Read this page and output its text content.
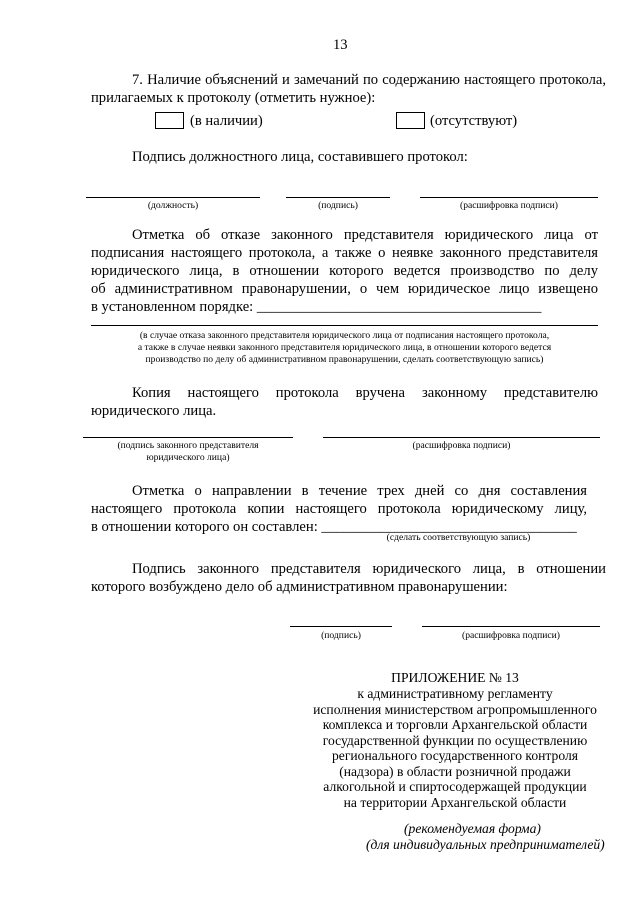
13
7. Наличие объяснений и замечаний по содержанию настоящего протокола,
прилагаемых к протоколу (отметить нужное):
(в наличии)	(отсутствуют)
Подпись должностного лица, составившего протокол:
(должность)	(подпись)	(расшифровка подписи)
Отметка об отказе законного представителя юридического лица от
подписания настоящего протокола, а также о неявке законного представителя
юридического лица, в отношении которого ведется производство по делу
об административном правонарушении, о чем юридическое лицо извещено
в установленном порядке: _______________________________________
(в случае отказа законного представителя юридического лица от подписания настоящего протокола,
а также в случае неявки законного представителя юридического лица, в отношении которого ведется
производство по делу об административном правонарушении, сделать соответствующую запись)
Копия настоящего протокола вручена законному представителю
юридического лица.
(подпись законного представителя
юридического лица)
(расшифровка подписи)
Отметка о направлении в течение трех дней со дня составления
настоящего протокола копии настоящего протокола юридическому лицу,
в отношении которого он составлен: ___________________________________
(сделать соответствующую запись)
Подпись законного представителя юридического лица, в отношении
которого возбуждено дело об административном правонарушении:
(подпись)	(расшифровка подписи)
ПРИЛОЖЕНИЕ № 13
к административному регламенту
исполнения министерством агропромышленного
комплекса и торговли Архангельской области
государственной функции по осуществлению
регионального государственного контроля
(надзора) в области розничной продажи
алкогольной и спиртосодержащей продукции
на территории Архангельской области
(рекомендуемая форма)
(для индивидуальных предпринимателей)
